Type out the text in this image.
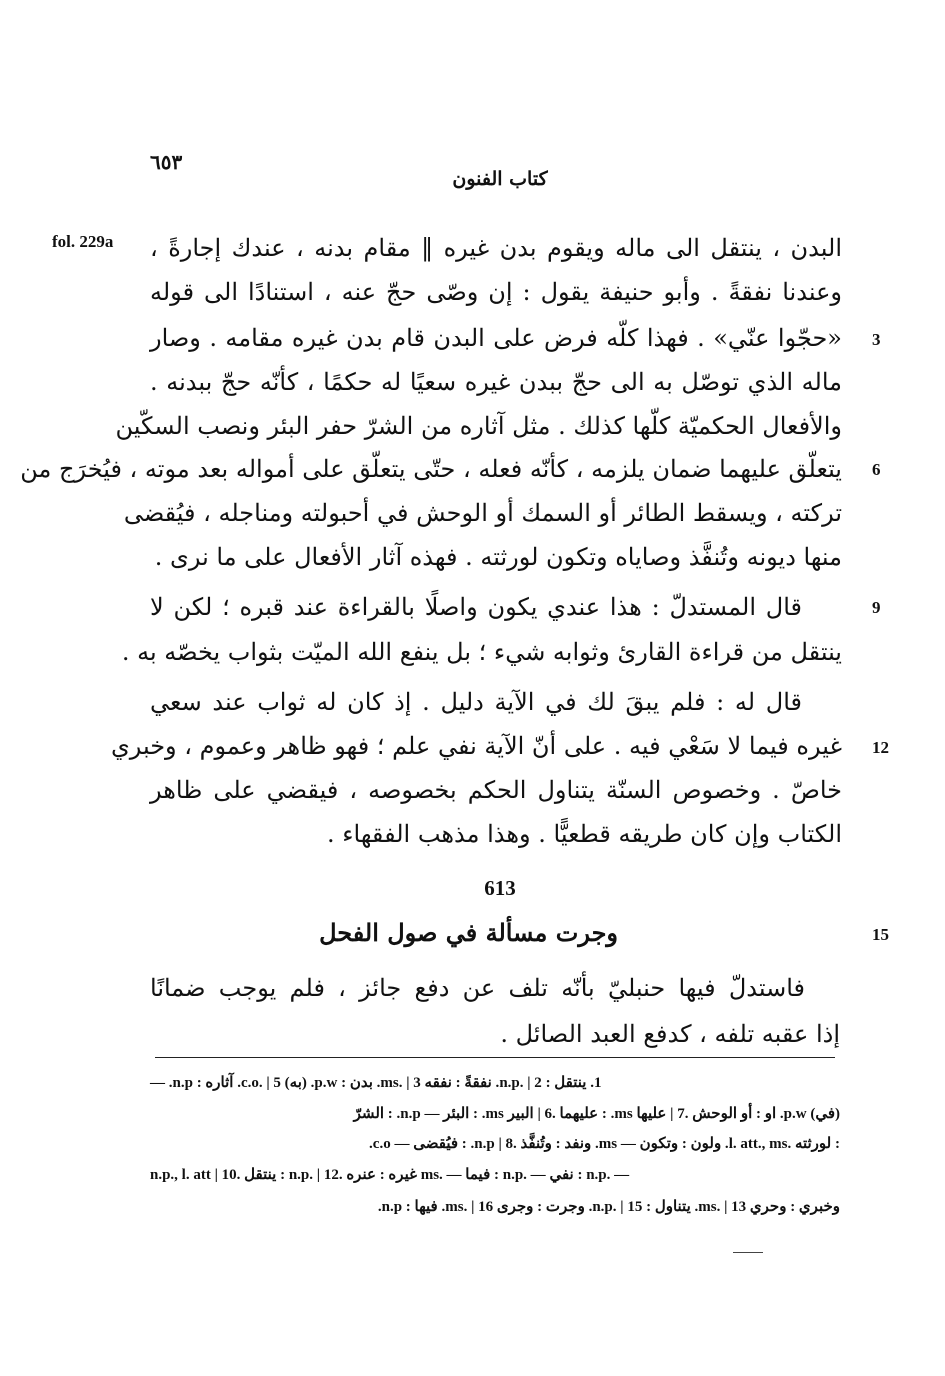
٦٥٣
كتاب الفنون
fol. 229a البدن ، ينتقل الى ماله ويقوم بدن غيره ‖ مقام بدنه ، عندك إجارةً ،
وعندنا نفقةً . وأبو حنيفة يقول : إن وصّى حجّ عنه ، استنادًا الى قوله
«حجّوا عنّي» . فهذا كلّه فرض على البدن قام بدن غيره مقامه . وصار
ماله الذي توصّل به الى حجّ ببدن غيره سعيًا له حكمًا ، كأنّه حجّ ببدنه .
والأفعال الحكميّة كلّها كذلك . مثل آثاره من الشرّ حفر البئر ونصب السكّين
يتعلّق عليهما ضمان يلزمه ، كأنّه فعله ، حتّى يتعلّق على أمواله بعد موته ، فيُخرَج من
تركته ، ويسقط الطائر أو السمك أو الوحش في أحبولته ومناجله ، فيُقضى
منها ديونه وتُنفَّذ وصاياه وتكون لورثته . فهذه آثار الأفعال على ما نرى .
قال المستدلّ : هذا عندي يكون واصلًا بالقراءة عند قبره ؛ لكن لا
ينتقل من قراءة القارئ وثوابه شيء ؛ بل ينفع الله الميّت بثواب يخصّه به .
قال له : فلم يبقَ لك في الآية دليل . إذ كان له ثواب عند سعي
غيره فيما لا سَعْي فيه . على أنّ الآية نفي علم ؛ فهو ظاهر وعموم ، وخبري
خاصّ . وخصوص السنّة يتناول الحكم بخصوصه ، فيقضي على ظاهر
الكتاب وإن كان طريقه قطعيًّا . وهذا مذهب الفقهاء .
3
6
9
12
613
وجرت مسألة في صول الفحل	15
فاستدلّ فيها حنبليّ بأنّه تلف عن دفع جائز ، فلم يوجب ضمانًا
إذا عقبه تلفه ، كدفع العبد الصائل .
1. ينتقل : n.p. | 2. نفقةً : نفقه ms. | 3. بدن : p.w. (به) c.o. | 5. آثاره : n.p. —
(في) p.w. او : أو الوحش .7 | عليها ms. : عليهما .6 | البير ms. : البئر — n.p. : الشرّ
: لورثته .l. att., ms. ولون : وتكون — ms. ونفد : وتُنفَّذ .8 | n.p. : فيُقضى — c.o.
n.p., l. att | 10. ينتقل : n.p. | 12. غيره : عنره ms. — فيما : n.p. — نفي : n.p. —
وخبري : وحري ms. | 13. يتناول : n.p. | 15. وجرت : وجرى ms. | 16. فيها : n.p.
